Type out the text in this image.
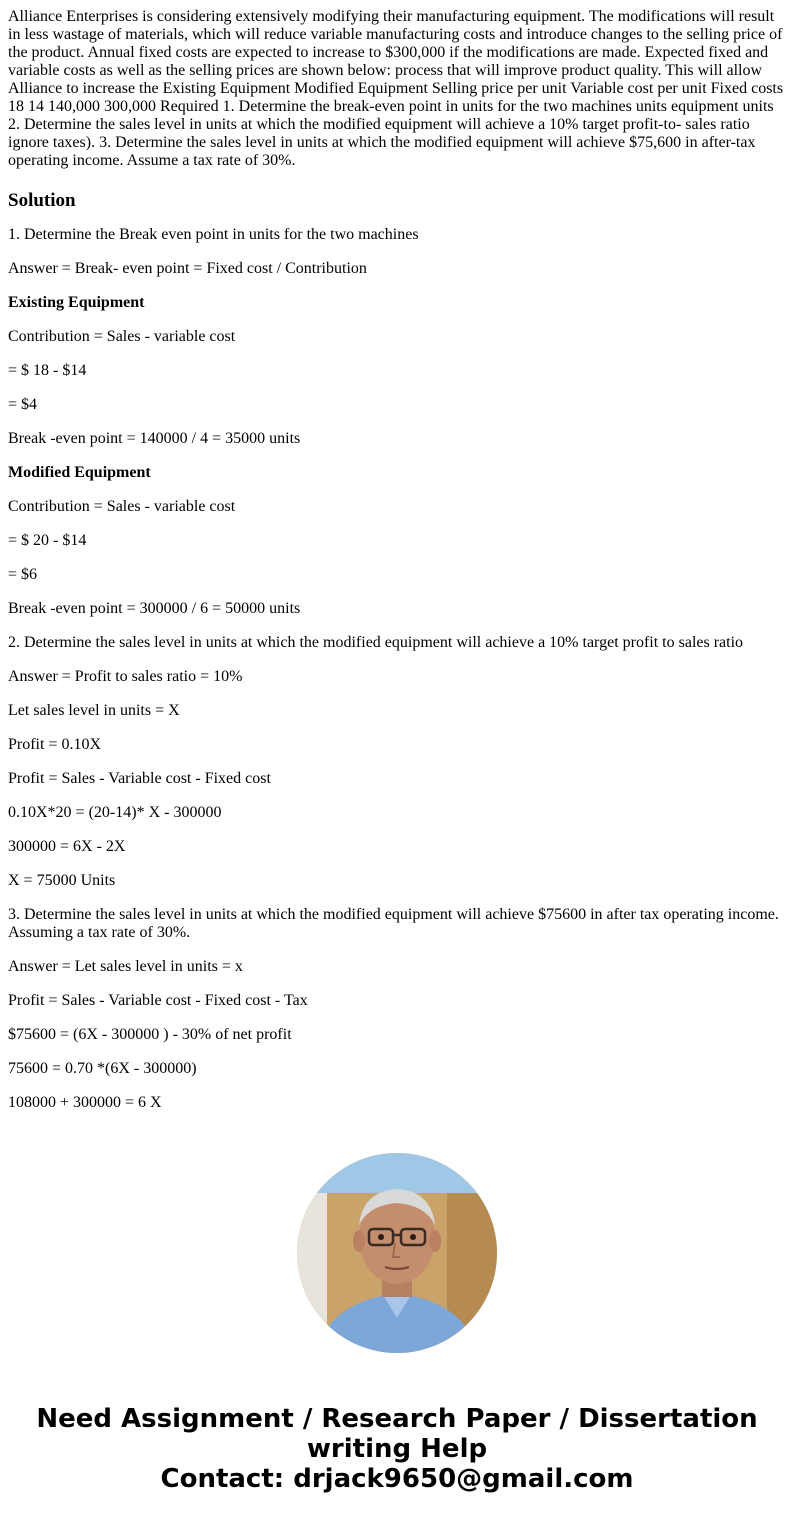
Alliance Enterprises is considering extensively modifying their manufacturing equipment. The modifications will result in less wastage of materials, which will reduce variable manufacturing costs and introduce changes to the selling price of the product. Annual fixed costs are expected to increase to $300,000 if the modifications are made. Expected fixed and variable costs as well as the selling prices are shown below: process that will improve product quality. This will allow Alliance to increase the Existing Equipment Modified Equipment Selling price per unit Variable cost per unit Fixed costs 18 14 140,000 300,000 Required 1. Determine the break-even point in units for the two machines units equipment units 2. Determine the sales level in units at which the modified equipment will achieve a 10% target profit-to- sales ratio ignore taxes). 3. Determine the sales level in units at which the modified equipment will achieve $75,600 in after-tax operating income. Assume a tax rate of 30%.

Solution
1. Determine the Break even point in units for the two machines
Answer = Break- even point = Fixed cost / Contribution
Existing Equipment
Contribution = Sales - variable cost
= $ 18 - $14
= $4
Break -even point = 140000 / 4 = 35000 units
Modified Equipment
Contribution = Sales - variable cost
= $ 20 - $14
= $6
Break -even point = 300000 / 6 = 50000 units
2. Determine the sales level in units at which the modified equipment will achieve a 10% target profit to sales ratio
Answer = Profit to sales ratio = 10%
Let sales level in units = X
Profit = 0.10X
Profit = Sales - Variable cost - Fixed cost
0.10X*20 = (20-14)* X - 300000
300000 = 6X - 2X
X = 75000 Units
3. Determine the sales level in units at which the modified equipment will achieve $75600 in after tax operating income. Assuming a tax rate of 30%.
Answer = Let sales level in units = x
Profit = Sales - Variable cost - Fixed cost - Tax
$75600 = (6X - 300000 ) - 30% of net profit
75600 = 0.70 *(6X - 300000)
108000 + 300000 = 6 X
Need Assignment / Research Paper / Dissertation
writing Help
Contact: drjack9650@gmail.com
